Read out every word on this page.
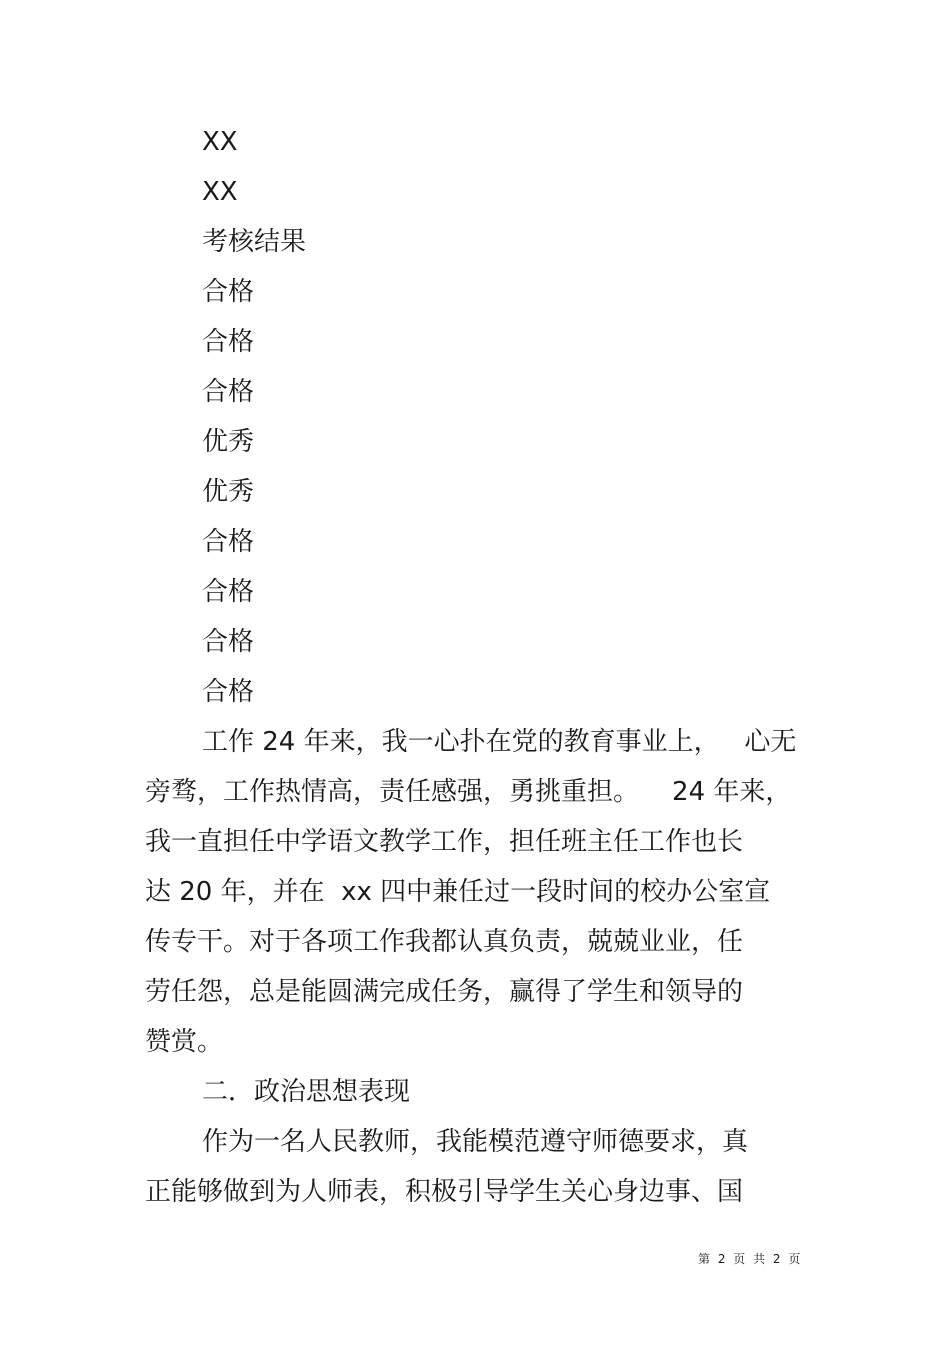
XX
XX
考核结果
合格
合格
合格
优秀
优秀
合格
合格
合格
合格
工作 24 年来，我一心扑在党的教育事业上，   心无
旁骛，工作热情高，责任感强，勇挑重担。    24 年来，
我一直担任中学语文教学工作，担任班主任工作也长
达 20 年，并在  xx 四中兼任过一段时间的校办公室宣
传专干。对于各项工作我都认真负责，兢兢业业，任
劳任怨，总是能圆满完成任务，赢得了学生和领导的
赞赏。
二．政治思想表现
作为一名人民教师，我能模范遵守师德要求，真
正能够做到为人师表，积极引导学生关心身边事、国
第 2 页 共 2 页
